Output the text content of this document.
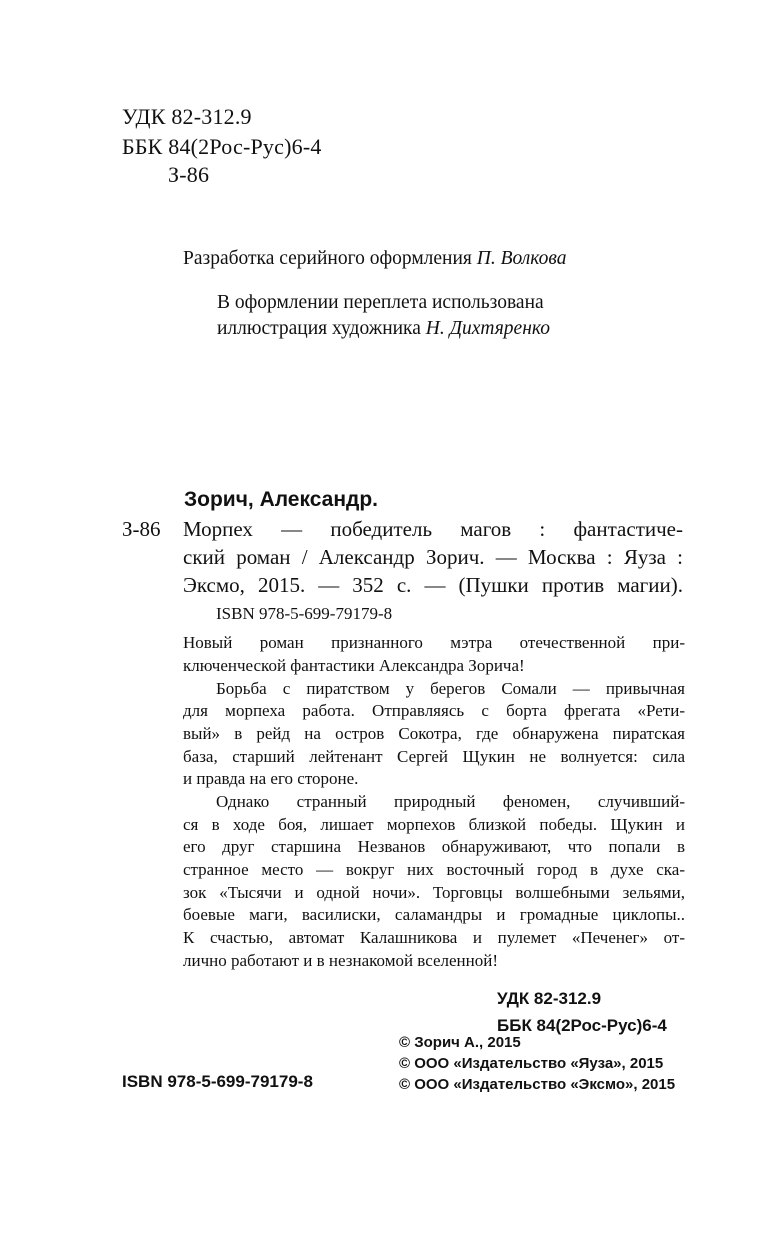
УДК 82-312.9
ББК 84(2Рос-Рус)6-4
З-86
Разработка серийного оформления П. Волкова
В оформлении переплета использована
иллюстрация художника Н. Дихтяренко
Зорич, Александр.
З-86 Морпех — победитель магов : фантастиче-
ский роман / Александр Зорич. — Москва : Яуза :
Эксмо, 2015. — 352 с. — (Пушки против магии).
ISBN 978-5-699-79179-8
Новый роман признанного мэтра отечественной при-
ключенческой фантастики Александра Зорича!
Борьба с пиратством у берегов Сомали — привычная
для морпеха работа. Отправляясь с борта фрегата «Рети-
вый» в рейд на остров Сокотра, где обнаружена пиратская
база, старший лейтенант Сергей Щукин не волнуется: сила
и правда на его стороне.
Однако странный природный феномен, случивший-
ся в ходе боя, лишает морпехов близкой победы. Щукин и
его друг старшина Незванов обнаруживают, что попали в
странное место — вокруг них восточный город в духе ска-
зок «Тысячи и одной ночи». Торговцы волшебными зельями,
боевые маги, василиски, саламандры и громадные циклопы..
К счастью, автомат Калашникова и пулемет «Печенег» от-
лично работают и в незнакомой вселенной!
УДК 82-312.9
ББК 84(2Рос-Рус)6-4
© Зорич А., 2015
© ООО «Издательство «Яуза», 2015
© ООО «Издательство «Эксмо», 2015
ISBN 978-5-699-79179-8
